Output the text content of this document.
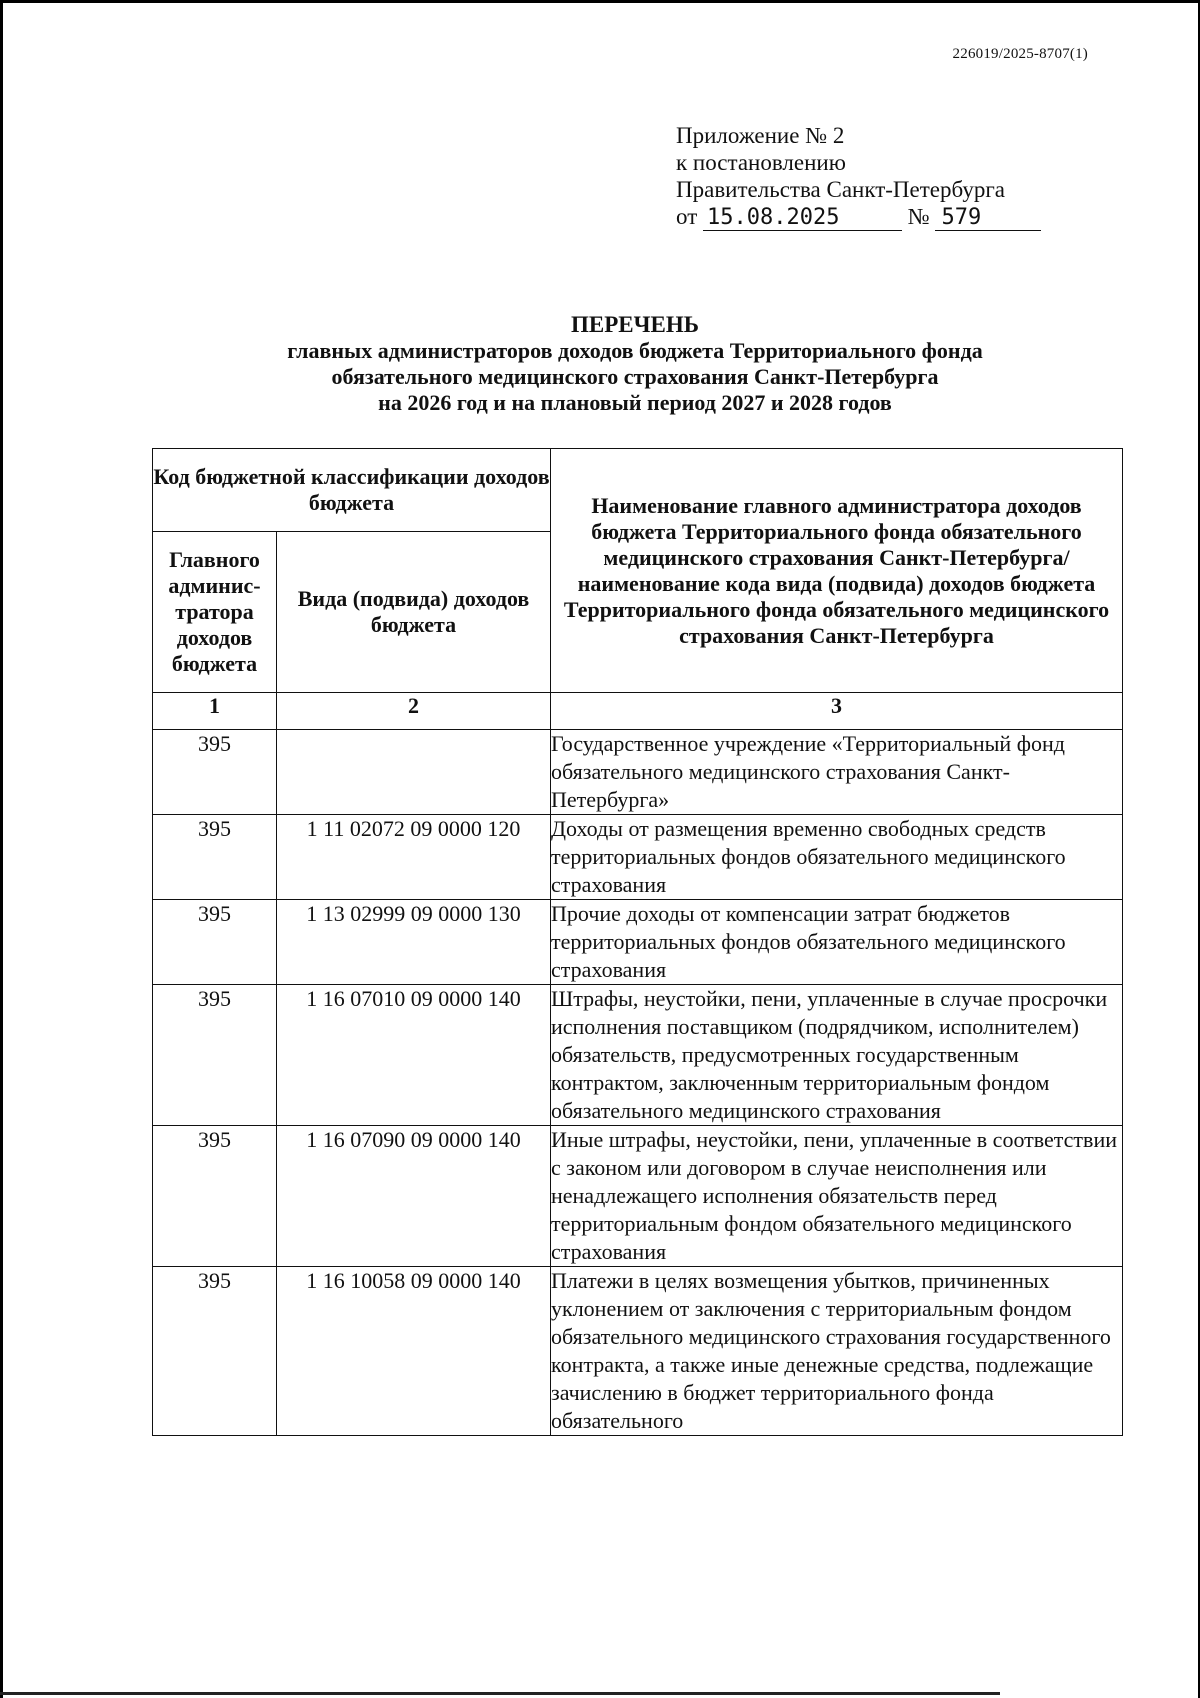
226019/2025-8707(1)
Приложение № 2
к постановлению
Правительства Санкт-Петербурга
от 15.08.2025	№ 579
ПЕРЕЧЕНЬ
главных администраторов доходов бюджета Территориального фонда
обязательного медицинского страхования Санкт-Петербурга
на 2026 год и на плановый период 2027 и 2028 годов
Код бюджетной классификации доходов бюджета		Наименование главного администратора доходов бюджета Территориального фонда обязательного медицинского страхования Санкт-Петербурга/наименование кода вида (подвида) доходов бюджета Территориального фонда обязательного медицинского страхования Санкт-Петербурга
Главного админис-тратора доходов бюджета	Вида (подвида) доходов бюджета	
1	2	3
395		Государственное учреждение «Территориальный фонд обязательного медицинского страхования Санкт-Петербурга»
395	1 11 02072 09 0000 120	Доходы от размещения временно свободных средств территориальных фондов обязательного медицинского страхования
395	1 13 02999 09 0000 130	Прочие доходы от компенсации затрат бюджетов территориальных фондов обязательного медицинского страхования
395	1 16 07010 09 0000 140	Штрафы, неустойки, пени, уплаченные в случае просрочки исполнения поставщиком (подрядчиком, исполнителем) обязательств, предусмотренных государственным контрактом, заключенным территориальным фондом обязательного медицинского страхования
395	1 16 07090 09 0000 140	Иные штрафы, неустойки, пени, уплаченные в соответствии с законом или договором в случае неисполнения или ненадлежащего исполнения обязательств перед территориальным фондом обязательного медицинского страхования
395	1 16 10058 09 0000 140	Платежи в целях возмещения убытков, причиненных уклонением от заключения с территориальным фондом обязательного медицинского страхования государственного контракта, а также иные денежные средства, подлежащие зачислению в бюджет территориального фонда обязательного
